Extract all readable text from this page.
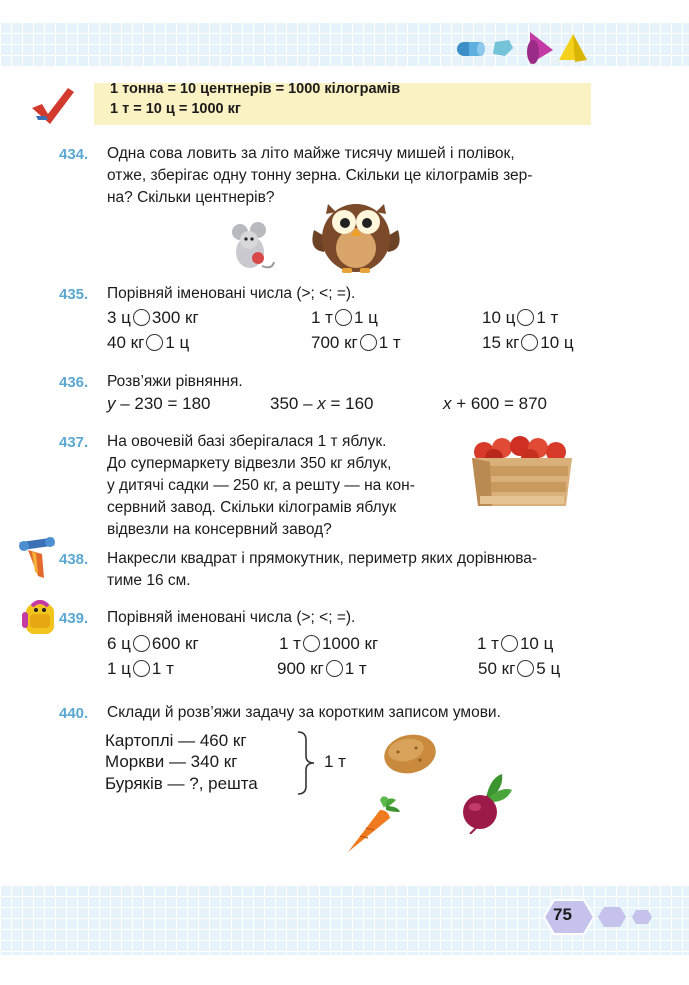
1 тонна = 10 центнерів = 1000 кілограмів
1 т = 10 ц = 1000 кг
434. Одна сова ловить за літо майже тисячу мишей і полівок,
отже, зберігає одну тонну зерна. Скільки це кілограмів зер-
на? Скільки центнерів?
435. Порівняй іменовані числа (>; <; =).
3 ц 300 кг	1 т 1 ц	10 ц 1 т
40 кг 1 ц	700 кг 1 т	15 кг 10 ц
436. Розв’яжи рівняння.
y – 230 = 180	350 – x = 160	x + 600 = 870
437. На овочевій базі зберігалася 1 т яблук.
До супермаркету відвезли 350 кг яблук,
у дитячі садки — 250 кг, а решту — на кон-
сервний завод. Скільки кілограмів яблук
відвезли на консервний завод?
438. Накресли квадрат і прямокутник, периметр яких дорівнюва-
тиме 16 см.
439. Порівняй іменовані числа (>; <; =).
6 ц 600 кг	1 т 1000 кг	1 т 10 ц
1 ц 1 т	900 кг 1 т	50 кг 5 ц
440. Склади й розв’яжи задачу за коротким записом умови.
Картоплі — 460 кг
Моркви — 340 кг
Буряків — ?, решта
1 т
75
